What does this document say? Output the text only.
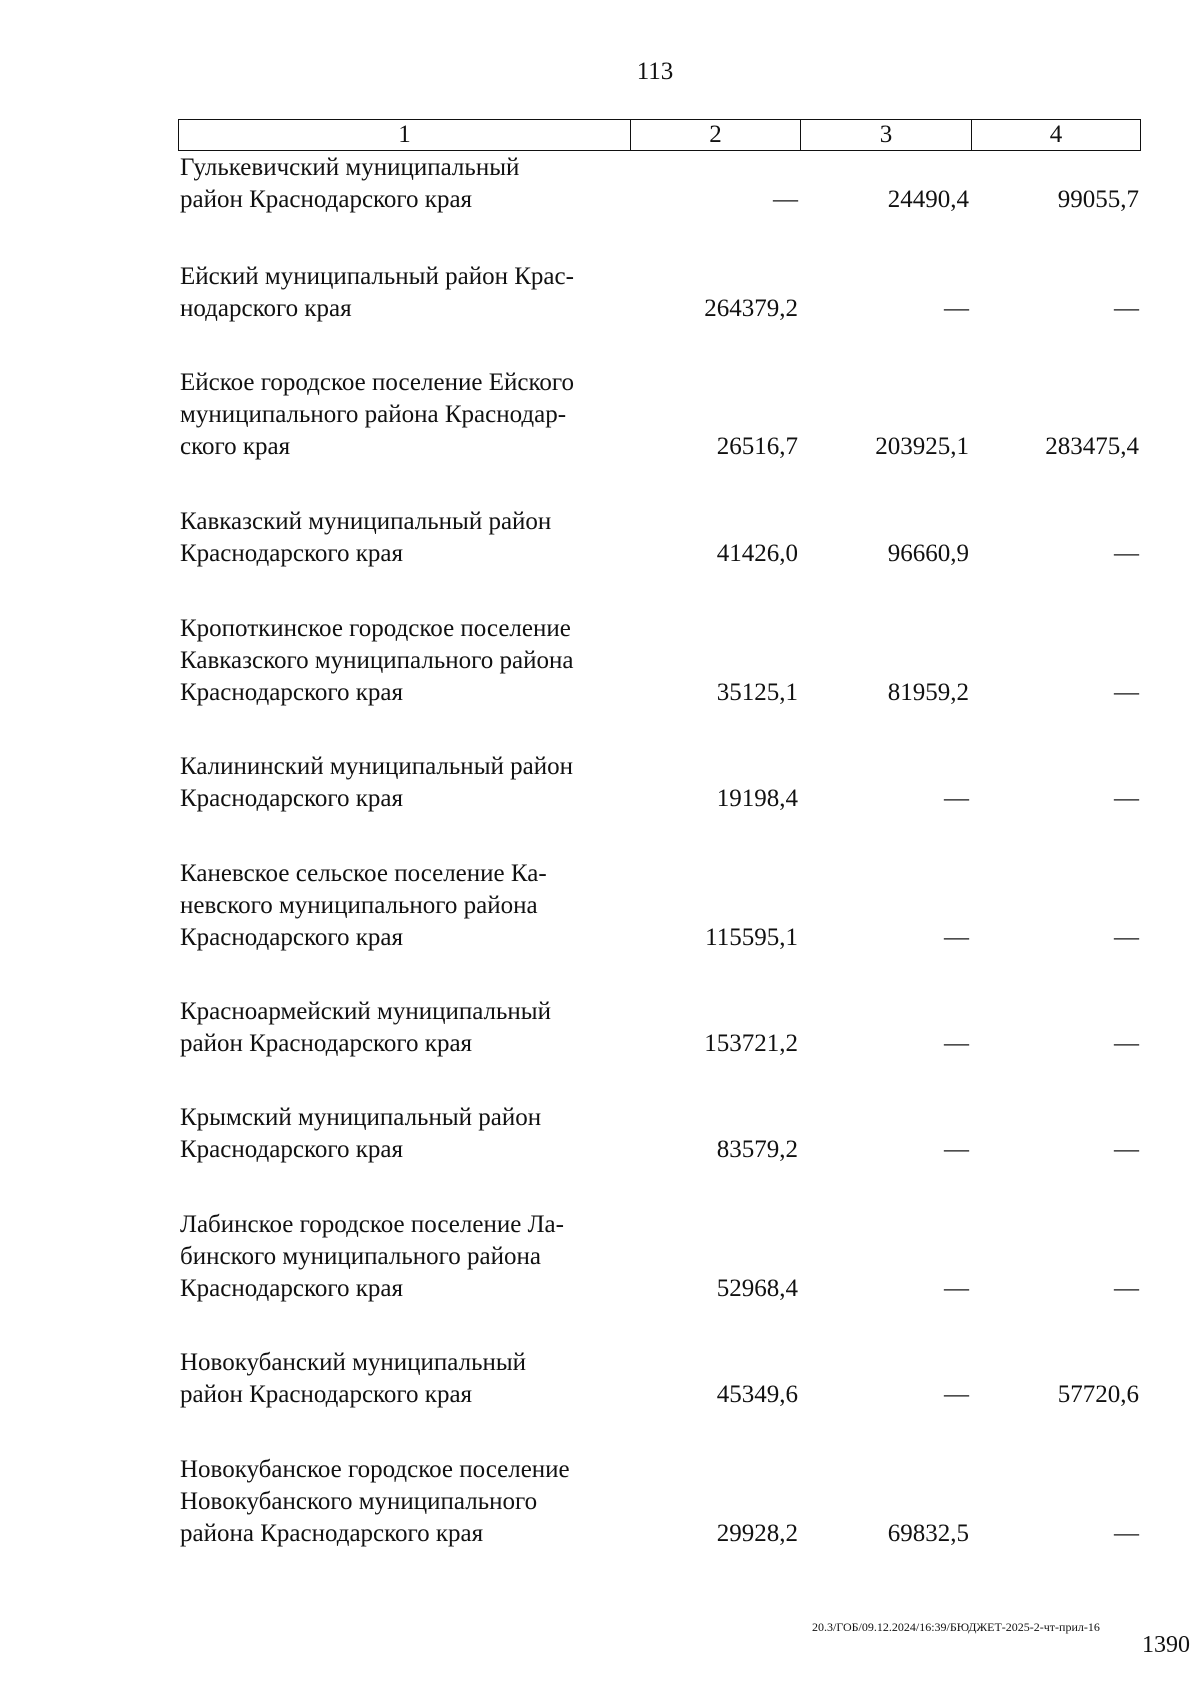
113
1	2	3	4
Гулькевичский муниципальный
район Краснодарского края	—	24490,4	99055,7
Ейский муниципальный район Крас-
нодарского края	264379,2	—	—
Ейское городское поселение Ейского
муниципального района Краснодар-
ского края	26516,7	203925,1	283475,4
Кавказский муниципальный район
Краснодарского края	41426,0	96660,9	—
Кропоткинское городское поселение
Кавказского муниципального района
Краснодарского края	35125,1	81959,2	—
Калининский муниципальный район
Краснодарского края	19198,4	—	—
Каневское сельское поселение Ка-
невского муниципального района
Краснодарского края	115595,1	—	—
Красноармейский муниципальный
район Краснодарского края	153721,2	—	—
Крымский муниципальный район
Краснодарского края	83579,2	—	—
Лабинское городское поселение Ла-
бинского муниципального района
Краснодарского края	52968,4	—	—
Новокубанский муниципальный
район Краснодарского края	45349,6	—	57720,6
Новокубанское городское поселение
Новокубанского муниципального
района Краснодарского края	29928,2	69832,5	—
20.3/ГОБ/09.12.2024/16:39/БЮДЖЕТ-2025-2-чт-прил-16
1390
